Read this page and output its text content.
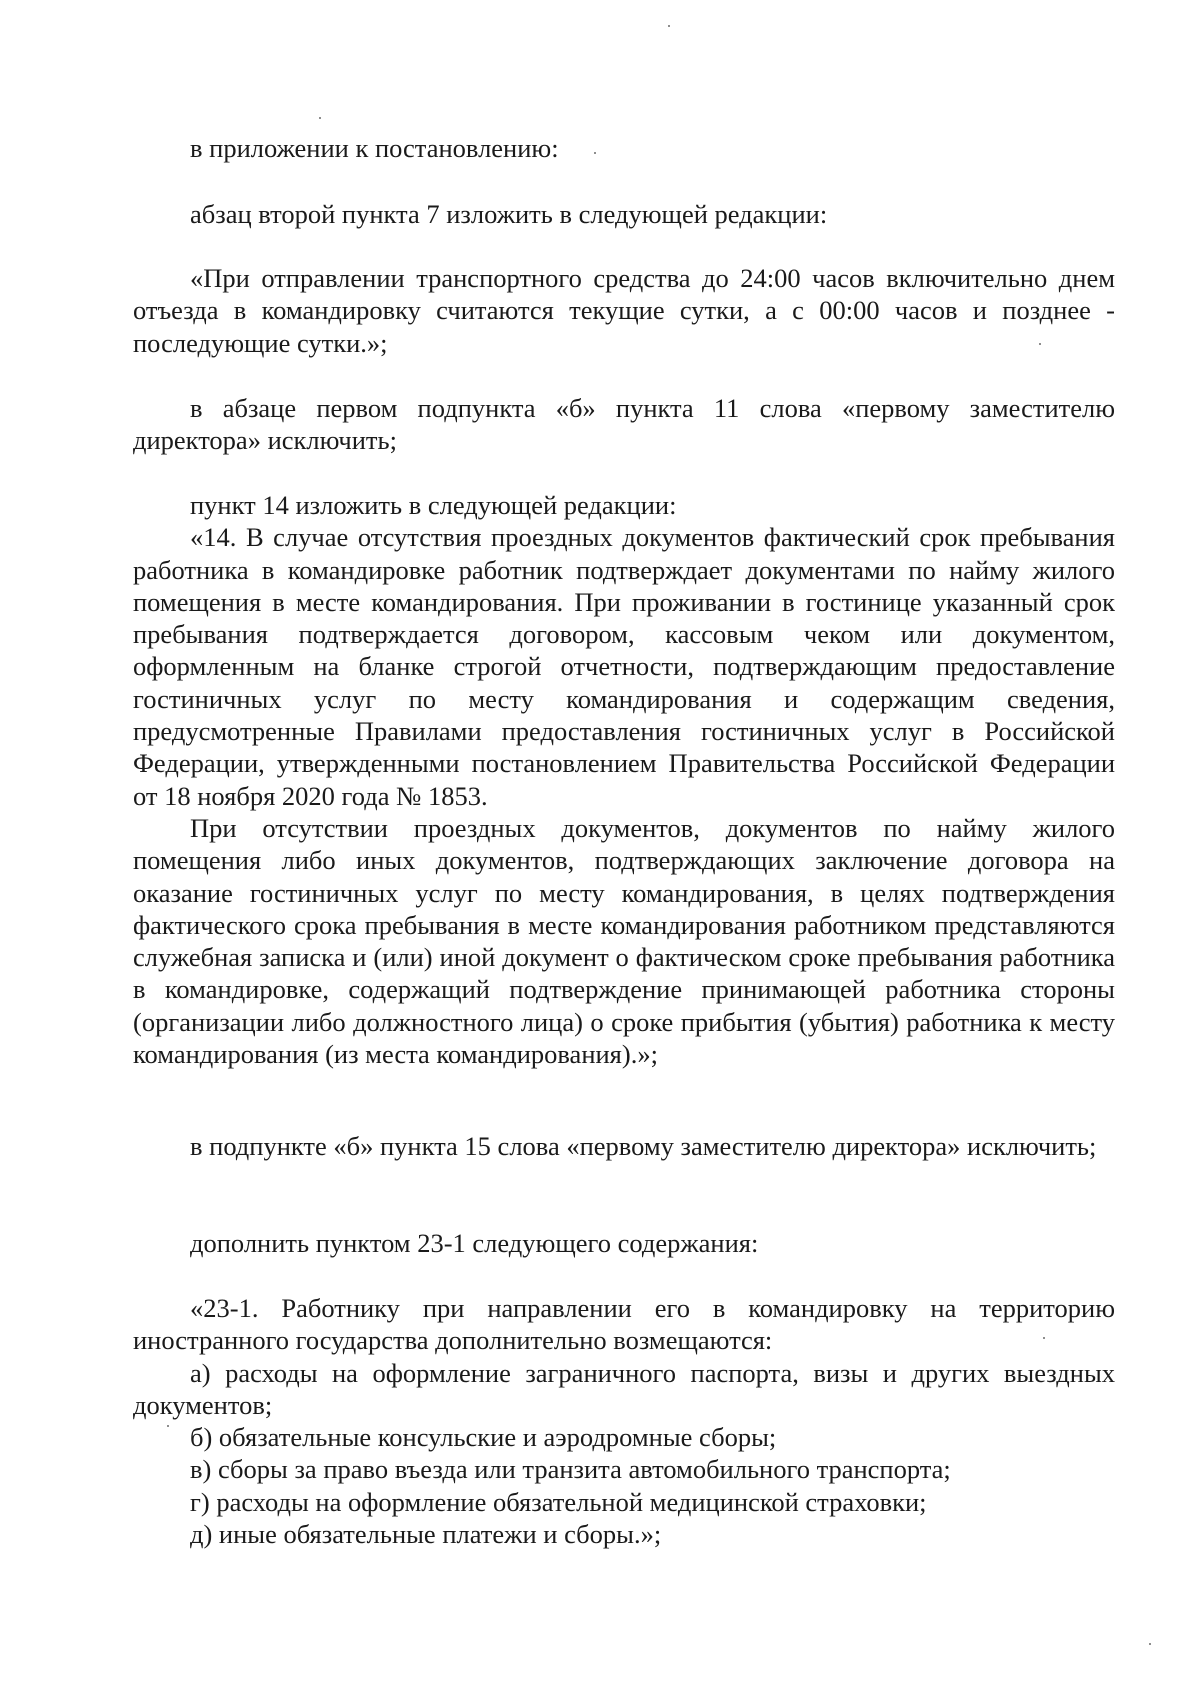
в приложении к постановлению:

абзац второй пункта 7 изложить в следующей редакции:

«При отправлении транспортного средства до 24:00 часов включительно днем отъезда в командировку считаются текущие сутки, а с 00:00 часов и позднее - последующие сутки.»;

в абзаце первом подпункта «б» пункта 11 слова «первому заместителю директора» исключить;

пункт 14 изложить в следующей редакции:

«14. В случае отсутствия проездных документов фактический срок пребывания работника в командировке работник подтверждает документами по найму жилого помещения в месте командирования. При проживании в гостинице указанный срок пребывания подтверждается договором, кассовым чеком или документом, оформленным на бланке строгой отчетности, подтверждающим предоставление гостиничных услуг по месту командирования и содержащим сведения, предусмотренные Правилами предоставления гостиничных услуг в Российской Федерации, утвержденными постановлением Правительства Российской Федерации от 18 ноября 2020 года № 1853.

При отсутствии проездных документов, документов по найму жилого помещения либо иных документов, подтверждающих заключение договора на оказание гостиничных услуг по месту командирования, в целях подтверждения фактического срока пребывания в месте командирования работником представляются служебная записка и (или) иной документ о фактическом сроке пребывания работника в командировке, содержащий подтверждение принимающей работника стороны (организации либо должностного лица) о сроке прибытия (убытия) работника к месту командирования (из места командирования).»;

в подпункте «б» пункта 15 слова «первому заместителю директора» исключить;

дополнить пунктом 23-1 следующего содержания:

«23-1. Работнику при направлении его в командировку на территорию иностранного государства дополнительно возмещаются:

а) расходы на оформление заграничного паспорта, визы и других выездных документов;

б) обязательные консульские и аэродромные сборы;

в) сборы за право въезда или транзита автомобильного транспорта;

г) расходы на оформление обязательной медицинской страховки;

д) иные обязательные платежи и сборы.»;
